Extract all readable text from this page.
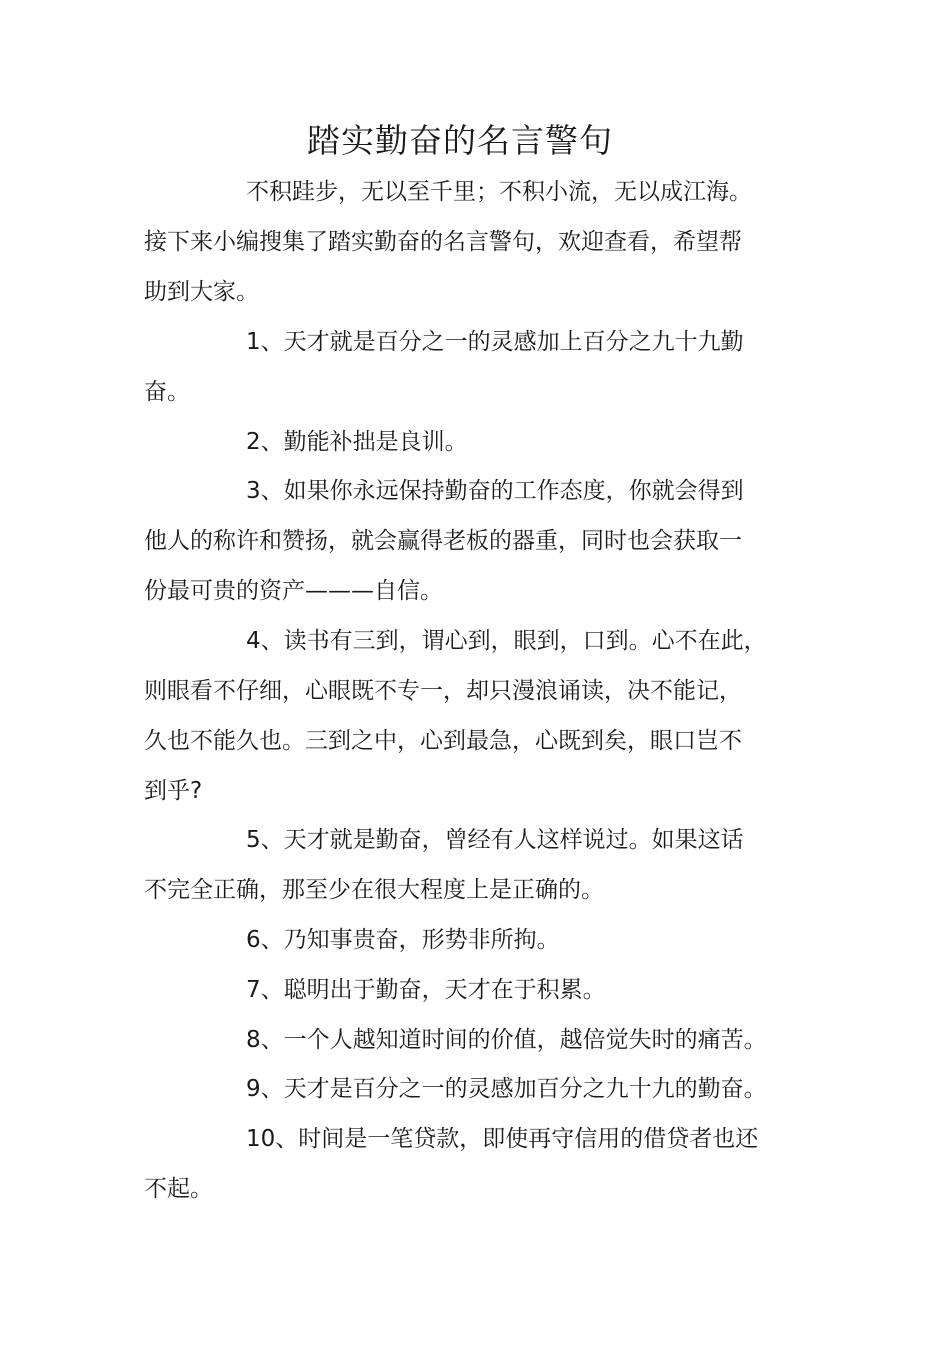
踏实勤奋的名言警句

不积跬步，无以至千里；不积小流，无以成江海。

接下来小编搜集了踏实勤奋的名言警句，欢迎查看，希望帮

助到大家。

1、天才就是百分之一的灵感加上百分之九十九勤

奋。

2、勤能补拙是良训。

3、如果你永远保持勤奋的工作态度，你就会得到

他人的称许和赞扬，就会赢得老板的器重，同时也会获取一

份最可贵的资产———自信。

4、读书有三到，谓心到，眼到，口到。心不在此，

则眼看不仔细，心眼既不专一，却只漫浪诵读，决不能记，

久也不能久也。三到之中，心到最急，心既到矣，眼口岂不

到乎?

5、天才就是勤奋，曾经有人这样说过。如果这话

不完全正确，那至少在很大程度上是正确的。

6、乃知事贵奋，形势非所拘。

7、聪明出于勤奋，天才在于积累。

8、一个人越知道时间的价值，越倍觉失时的痛苦。

9、天才是百分之一的灵感加百分之九十九的勤奋。

10、时间是一笔贷款，即使再守信用的借贷者也还

不起。
